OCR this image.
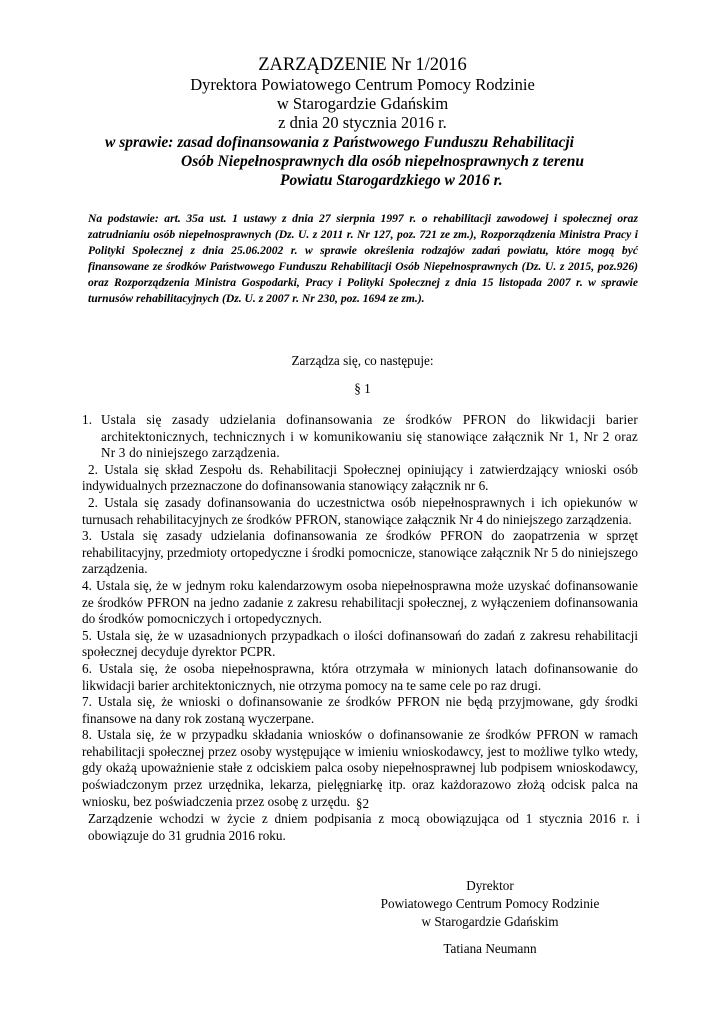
ZARZĄDZENIE Nr 1/2016
Dyrektora Powiatowego Centrum Pomocy Rodzinie
w Starogardzie Gdańskim
z dnia 20 stycznia 2016 r.
w sprawie: zasad dofinansowania z Państwowego Funduszu Rehabilitacji
Osób Niepełnosprawnych dla osób niepełnosprawnych z terenu
Powiatu Starogardzkiego w 2016 r.
Na podstawie: art. 35a ust. 1 ustawy z dnia 27 sierpnia 1997 r. o rehabilitacji zawodowej i społecznej oraz zatrudnianiu osób niepełnosprawnych (Dz. U. z 2011 r. Nr 127, poz. 721 ze zm.), Rozporządzenia Ministra Pracy i Polityki Społecznej z dnia 25.06.2002 r. w sprawie określenia rodzajów zadań powiatu, które mogą być finansowane ze środków Państwowego Funduszu Rehabilitacji Osób Niepełnosprawnych (Dz. U. z 2015, poz.926) oraz Rozporządzenia Ministra Gospodarki, Pracy i Polityki Społecznej z dnia 15 listopada 2007 r. w sprawie turnusów rehabilitacyjnych (Dz. U. z 2007 r. Nr 230, poz. 1694 ze zm.).
Zarządza się, co następuje:
§ 1

1. Ustala się zasady udzielania dofinansowania ze środków PFRON do likwidacji barier architektonicznych, technicznych i w komunikowaniu się stanowiące załącznik Nr 1, Nr 2 oraz Nr 3 do niniejszego zarządzenia.

2. Ustala się skład Zespołu ds. Rehabilitacji Społecznej opiniujący i zatwierdzający wnioski osób indywidualnych przeznaczone do dofinansowania stanowiący załącznik nr 6.

2. Ustala się zasady dofinansowania do uczestnictwa osób niepełnosprawnych i ich opiekunów w turnusach rehabilitacyjnych ze środków PFRON, stanowiące załącznik Nr 4 do niniejszego zarządzenia.

3. Ustala się zasady udzielania dofinansowania ze środków PFRON do zaopatrzenia w sprzęt rehabilitacyjny, przedmioty ortopedyczne i środki pomocnicze, stanowiące załącznik Nr 5 do niniejszego zarządzenia.

4. Ustala się, że w jednym roku kalendarzowym osoba niepełnosprawna może uzyskać dofinansowanie ze środków PFRON na jedno zadanie z zakresu rehabilitacji społecznej, z wyłączeniem dofinansowania do środków pomocniczych i ortopedycznych.

5. Ustala się, że w uzasadnionych przypadkach o ilości dofinansowań do zadań z zakresu rehabilitacji społecznej decyduje dyrektor PCPR.

6. Ustala się, że osoba niepełnosprawna, która otrzymała w minionych latach dofinansowanie do likwidacji barier architektonicznych, nie otrzyma pomocy na te same cele po raz drugi.

7. Ustala się, że wnioski o dofinansowanie ze środków PFRON nie będą przyjmowane, gdy środki finansowe na dany rok zostaną wyczerpane.

8. Ustala się, że w przypadku składania wniosków o dofinansowanie ze środków PFRON w ramach rehabilitacji społecznej przez osoby występujące w imieniu wnioskodawcy, jest to możliwe tylko wtedy, gdy okażą upoważnienie stałe z odciskiem palca osoby niepełnosprawnej lub podpisem wnioskodawcy, poświadczonym przez urzędnika, lekarza, pielęgniarkę itp. oraz każdorazowo złożą odcisk palca na wniosku, bez poświadczenia przez osobę z urzędu. §2
Zarządzenie wchodzi w życie z dniem podpisania z mocą obowiązująca od 1 stycznia 2016 r. i obowiązuje do 31 grudnia 2016 roku.
Dyrektor
Powiatowego Centrum Pomocy Rodzinie
w Starogardzie Gdańskim
Tatiana Neumann
